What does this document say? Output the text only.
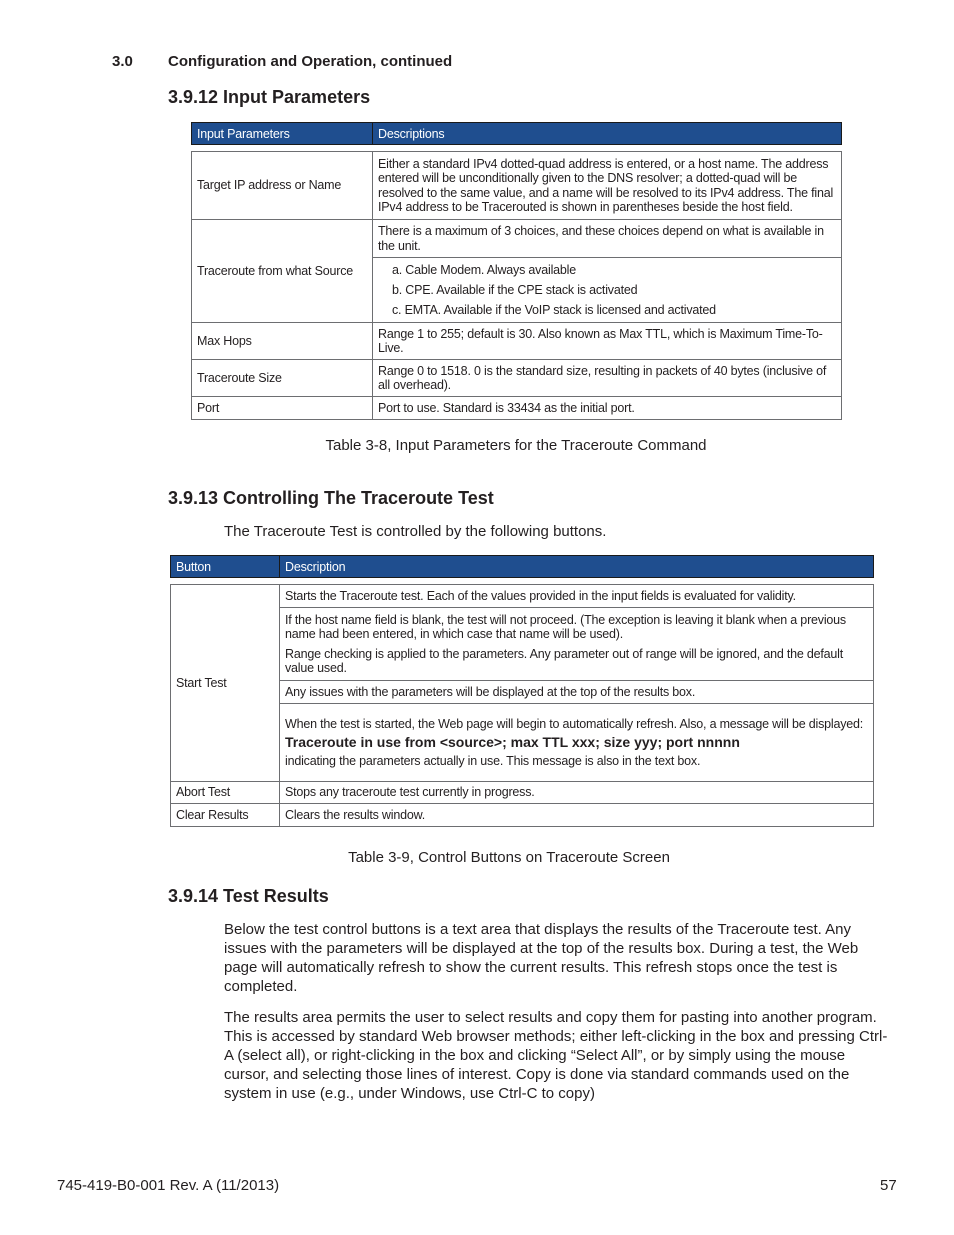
3.0 Configuration and Operation, continued
3.9.12 Input Parameters
Input Parameters	Descriptions
Target IP address or Name	Either a standard IPv4 dotted-quad address is entered, or a host name. The address entered will be unconditionally given to the DNS resolver; a dotted-quad will be resolved to the same value, and a name will be resolved to its IPv4 address. The final IPv4 address to be Tracerouted is shown in parentheses beside the host field.
Traceroute from what Source	There is a maximum of 3 choices, and these choices depend on what is available in the unit.

	a. Cable Modem. Always available
b. CPE. Available if the CPE stack is activated
c. EMTA. Available if the VoIP stack is licensed and activated

Max Hops	Range 1 to 255; default is 30. Also known as Max TTL, which is Maximum Time-To-Live.
Traceroute Size	Range 0 to 1518. 0 is the standard size, resulting in packets of 40 bytes (inclusive of all overhead).
Port	Port to use. Standard is 33434 as the initial port.
Table 3-8, Input Parameters for the Traceroute Command
3.9.13 Controlling The Traceroute Test
The Traceroute Test is controlled by the following buttons.
Button	Description
Start Test	Starts the Traceroute test. Each of the values provided in the input fields is evaluated for validity.

	If the host name field is blank, the test will not proceed. (The exception is leaving it blank when a previous name had been entered, in which case that name will be used).
Range checking is applied to the parameters. Any parameter out of range will be ignored, and the default value used.

	Any issues with the parameters will be displayed at the top of the results box.

	When the test is started, the Web page will begin to automatically refresh. Also, a message will be displayed:
Traceroute in use from <source>; max TTL xxx; size yyy; port nnnnn
indicating the parameters actually in use. This message is also in the text box.

Abort Test	Stops any traceroute test currently in progress.
Clear Results	Clears the results window.
Table 3-9, Control Buttons on Traceroute Screen
3.9.14 Test Results

Below the test control buttons is a text area that displays the results of the Traceroute test. Any issues with the parameters will be displayed at the top of the results box. During a test, the Web page will automatically refresh to show the current results. This refresh stops once the test is completed.

The results area permits the user to select results and copy them for pasting into another program. This is accessed by standard Web browser methods; either left-clicking in the box and pressing Ctrl-A (select all), or right-clicking in the box and clicking “Select All”, or by simply using the mouse cursor, and selecting those lines of interest. Copy is done via standard commands used on the system in use (e.g., under Windows, use Ctrl-C to copy)

745-419-B0-001 Rev. A (11/2013)	57
